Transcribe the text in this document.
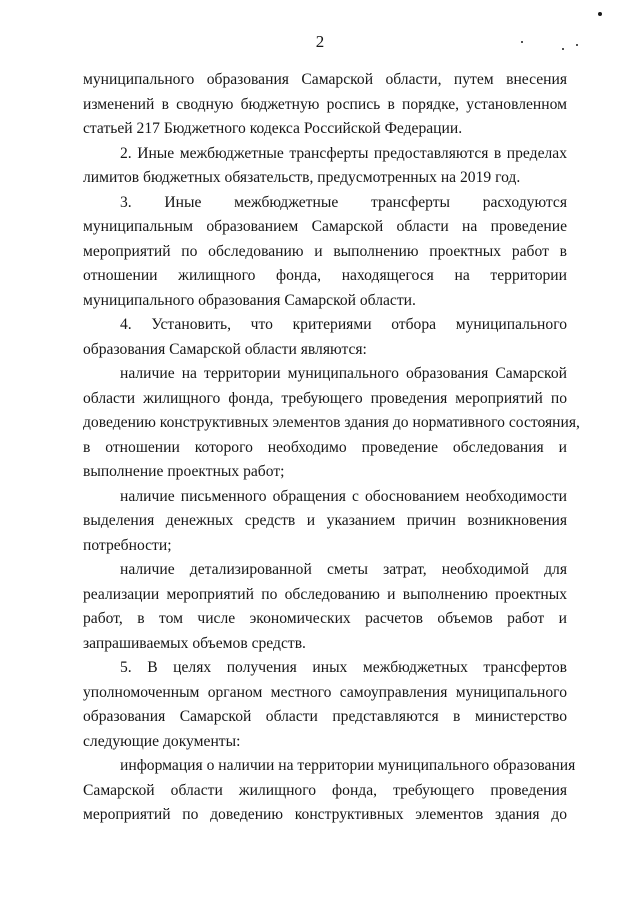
2
муниципального образования Самарской области, путем внесения
изменений в сводную бюджетную роспись в порядке, установленном
статьей 217 Бюджетного кодекса Российской Федерации.
2. Иные межбюджетные трансферты предоставляются в пределах
лимитов бюджетных обязательств, предусмотренных на 2019 год.
3. Иные межбюджетные трансферты расходуются
муниципальным образованием Самарской области на проведение
мероприятий по обследованию и выполнению проектных работ в
отношении жилищного фонда, находящегося на территории
муниципального образования Самарской области.
4. Установить, что критериями отбора муниципального
образования Самарской области являются:
наличие на территории муниципального образования Самарской
области жилищного фонда, требующего проведения мероприятий по
доведению конструктивных элементов здания до нормативного состояния,
в отношении которого необходимо проведение обследования и
выполнение проектных работ;
наличие письменного обращения с обоснованием необходимости
выделения денежных средств и указанием причин возникновения
потребности;
наличие детализированной сметы затрат, необходимой для
реализации мероприятий по обследованию и выполнению проектных
работ, в том числе экономических расчетов объемов работ и
запрашиваемых объемов средств.
5. В целях получения иных межбюджетных трансфертов
уполномоченным органом местного самоуправления муниципального
образования Самарской области представляются в министерство
следующие документы:
информация о наличии на территории муниципального образования
Самарской области жилищного фонда, требующего проведения
мероприятий по доведению конструктивных элементов здания до
